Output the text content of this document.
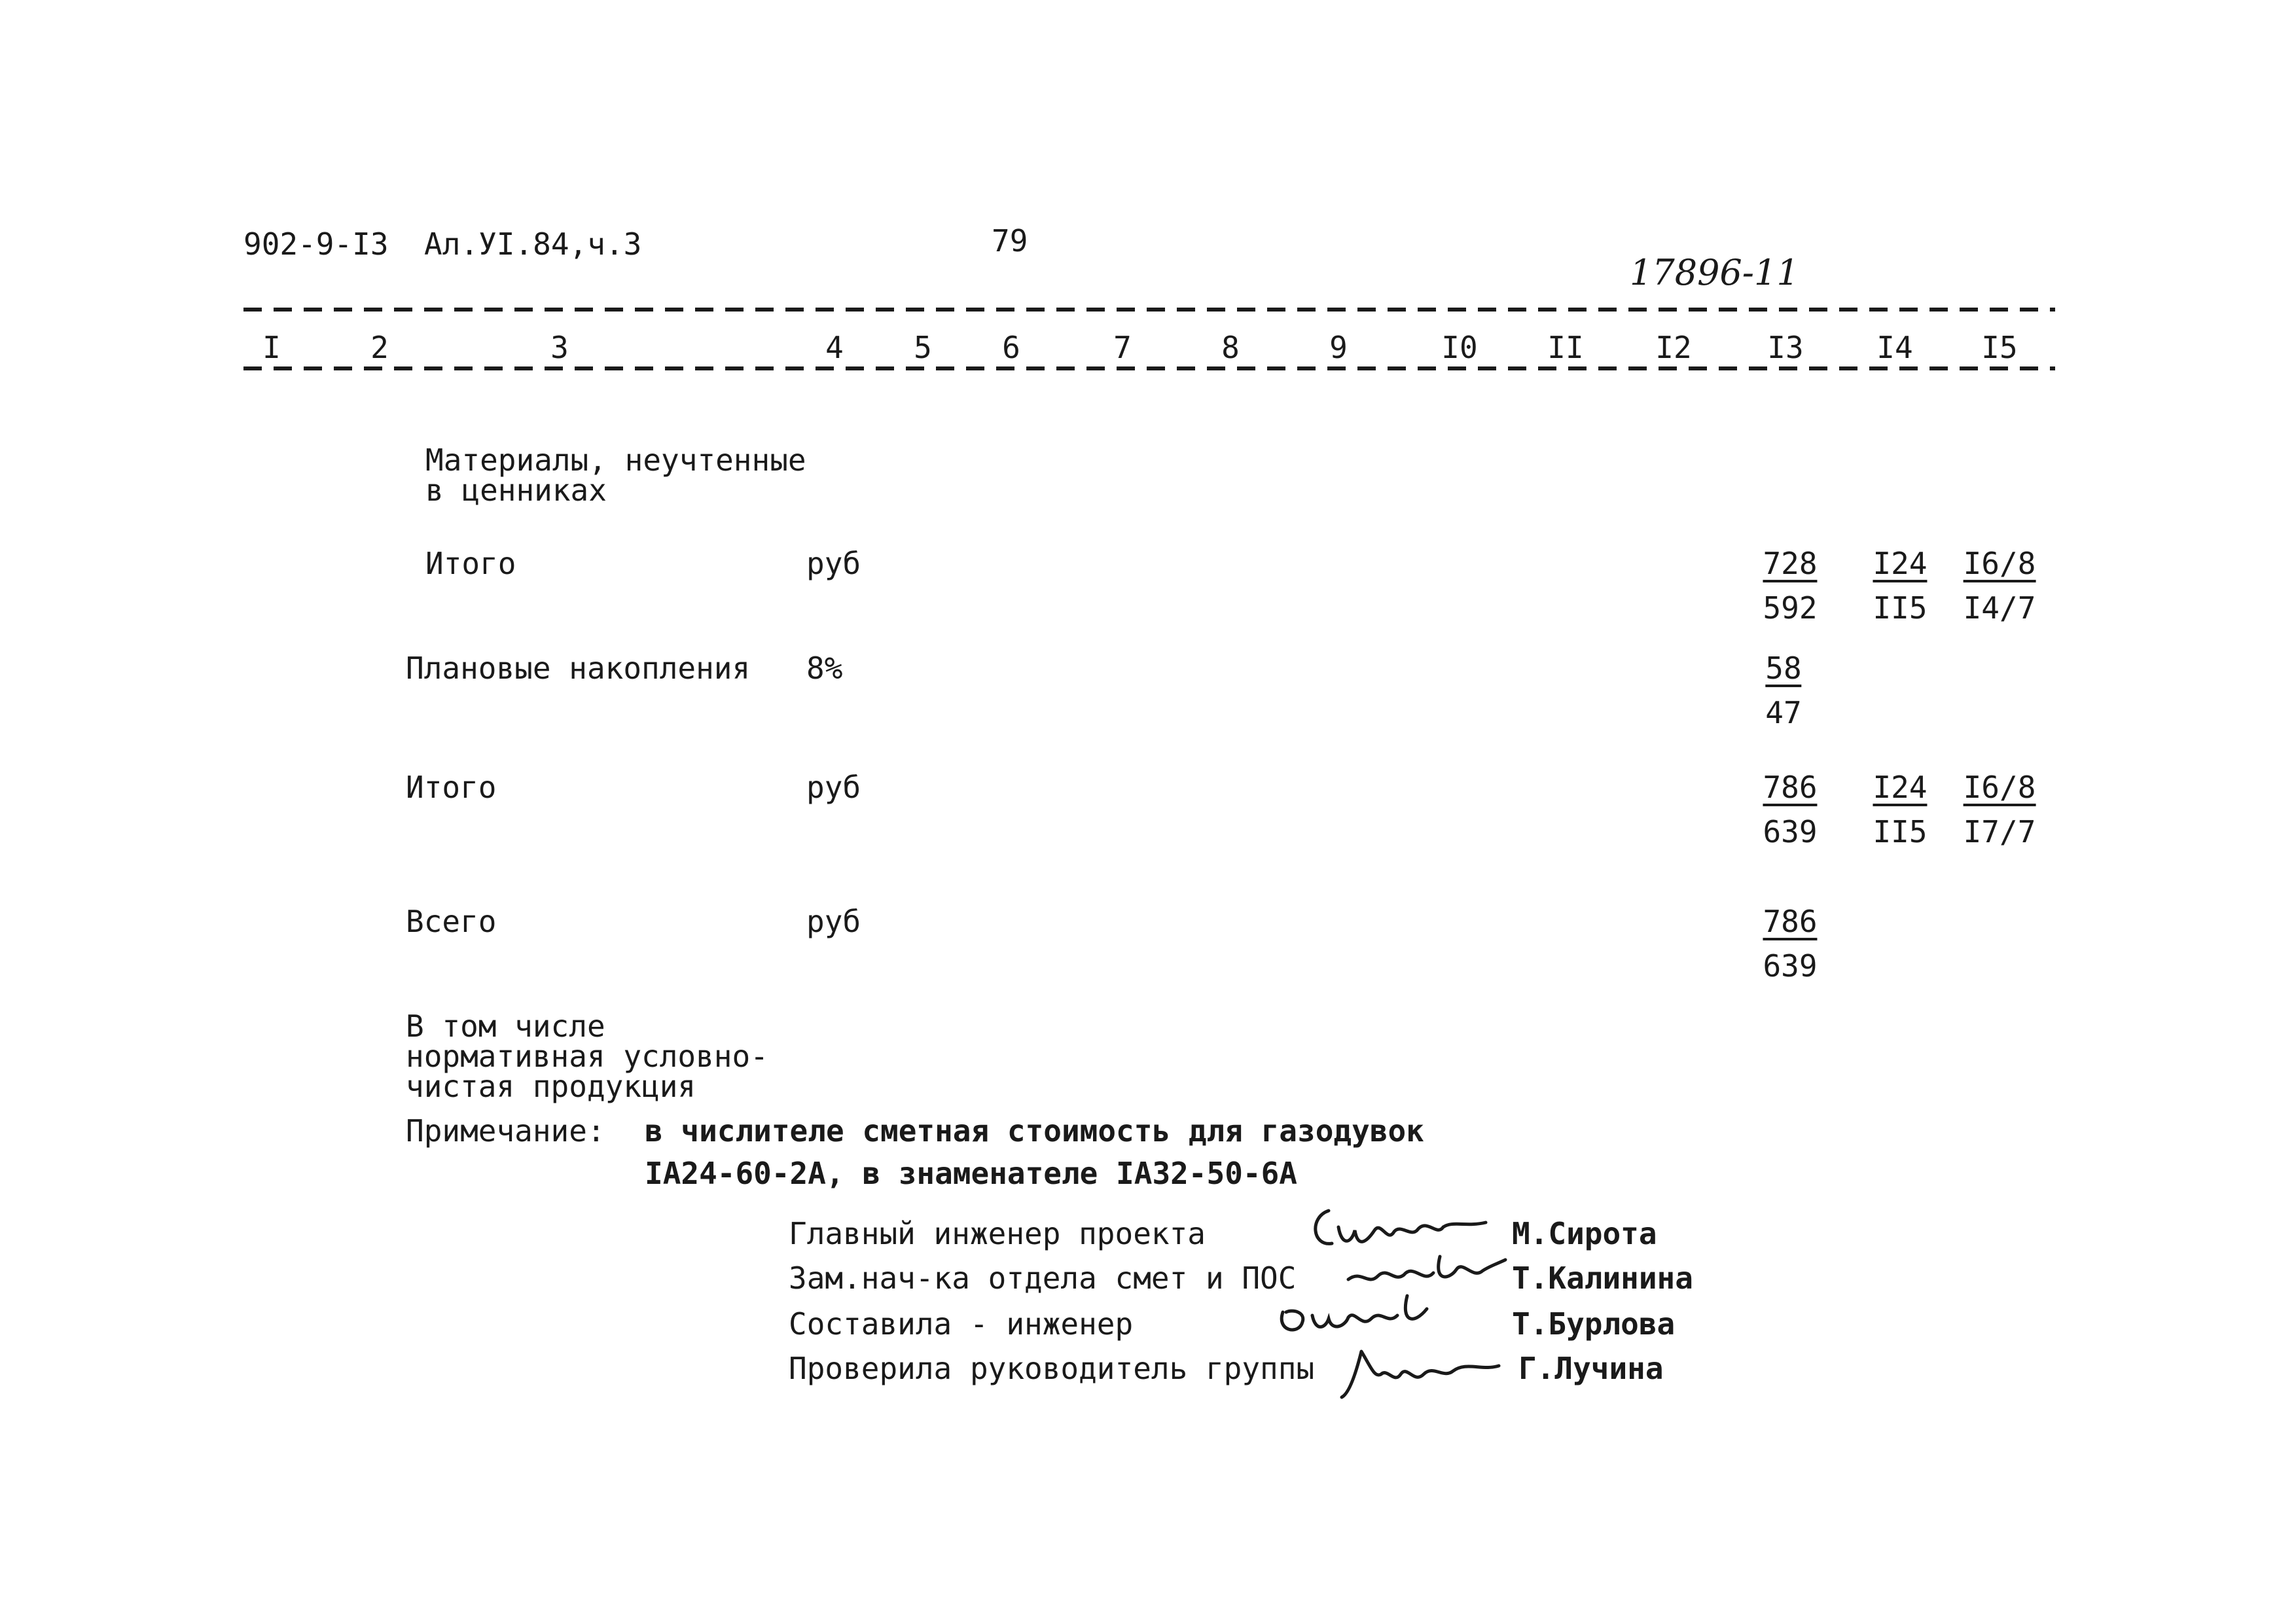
902-9-I3 Ал.УI.84,ч.3	79
17896-11
I	2	3	4 5 6	7	8	9	I0 II I2	I3 I4 I5
Материалы, неучтенные
в ценниках
Итого	руб	$\frac{728}{592} \frac{I24}{II5} \frac{I6/8}{I4/7}$
Плановые накопления 8%	$\frac{58}{47}$
Итого	руб	$\frac{786}{639} \frac{I24}{II5} \frac{I6/8}{I7/7}$
Всего	руб	$\frac{786}{639}$
В том числе
нормативная условно-
чистая продукция
Примечание: в числителе сметная стоимость для газодувок
IA24-60-2A, в знаменателе IA32-50-6A
Главный инженер проекта	М.Сирота
Зам.нач-ка отдела смет и ПОС	Т.Калинина
Составила - инженер	Т.Бурлова
Проверила руководитель группы	Г.Лучина
